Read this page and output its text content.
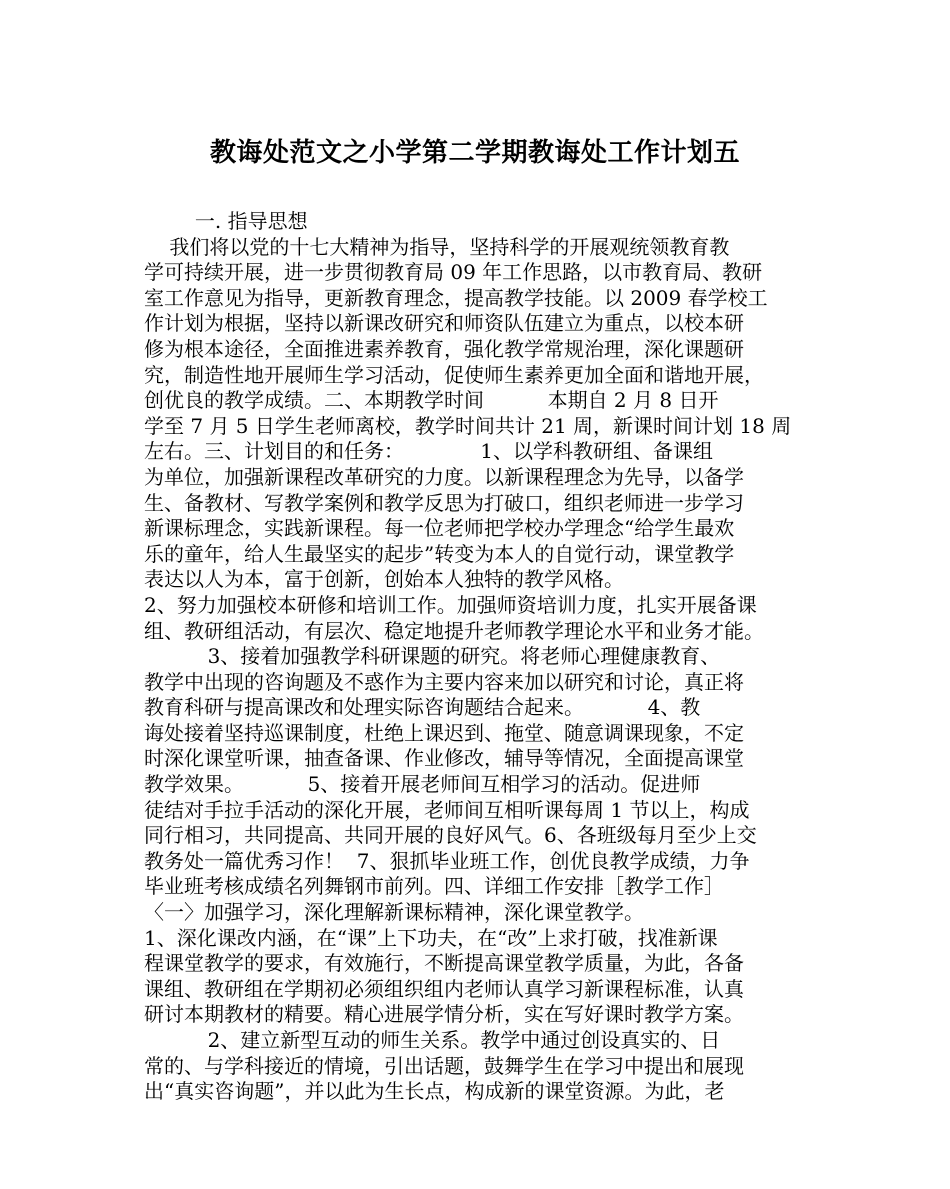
教诲处范文之小学第二学期教诲处工作计划五
一. 指导思想
我们将以党的十七大精神为指导，坚持科学的开展观统领教育教
学可持续开展，进一步贯彻教育局 09 年工作思路，以市教育局、教研
室工作意见为指导，更新教育理念，提高教学技能。以 2009 春学校工
作计划为根据，坚持以新课改研究和师资队伍建立为重点，以校本研
修为根本途径，全面推进素养教育，强化教学常规治理，深化课题研
究，制造性地开展师生学习活动，促使师生素养更加全面和谐地开展，
创优良的教学成绩。二、本期教学时间          本期自 2 月 8 日开
学至 7 月 5 日学生老师离校，教学时间共计 21 周，新课时间计划 18 周
左右。三、计划目的和任务：            1、以学科教研组、备课组
为单位，加强新课程改革研究的力度。以新课程理念为先导，以备学
生、备教材、写教学案例和教学反思为打破口，组织老师进一步学习
新课标理念，实践新课程。每一位老师把学校办学理念“给学生最欢
乐的童年，给人生最坚实的起步”转变为本人的自觉行动，课堂教学
表达以人为本，富于创新，创始本人独特的教学风格。
2、努力加强校本研修和培训工作。加强师资培训力度，扎实开展备课
组、教研组活动，有层次、稳定地提升老师教学理论水平和业务才能。
3、接着加强教学科研课题的研究。将老师心理健康教育、
教学中出现的咨询题及不惑作为主要内容来加以研究和讨论，真正将
教育科研与提高课改和处理实际咨询题结合起来。          4、教
诲处接着坚持巡课制度，杜绝上课迟到、拖堂、随意调课现象，不定
时深化课堂听课，抽查备课、作业修改，辅导等情况，全面提高课堂
教学效果。          5、接着开展老师间互相学习的活动。促进师
徒结对手拉手活动的深化开展，老师间互相听课每周 1 节以上，构成
同行相习，共同提高、共同开展的良好风气。6、各班级每月至少上交
教务处一篇优秀习作！  7、狠抓毕业班工作，创优良教学成绩，力争
毕业班考核成绩名列舞钢市前列。四、详细工作安排［教学工作］
〈一〉加强学习，深化理解新课标精神，深化课堂教学。
1、深化课改内涵，在“课”上下功夫，在“改”上求打破，找准新课
程课堂教学的要求，有效施行，不断提高课堂教学质量，为此，各备
课组、教研组在学期初必须组织组内老师认真学习新课程标准，认真
研讨本期教材的精要。精心进展学情分析，实在写好课时教学方案。
2、建立新型互动的师生关系。教学中通过创设真实的、日
常的、与学科接近的情境，引出话题，鼓舞学生在学习中提出和展现
出“真实咨询题”，并以此为生长点，构成新的课堂资源。为此，老
